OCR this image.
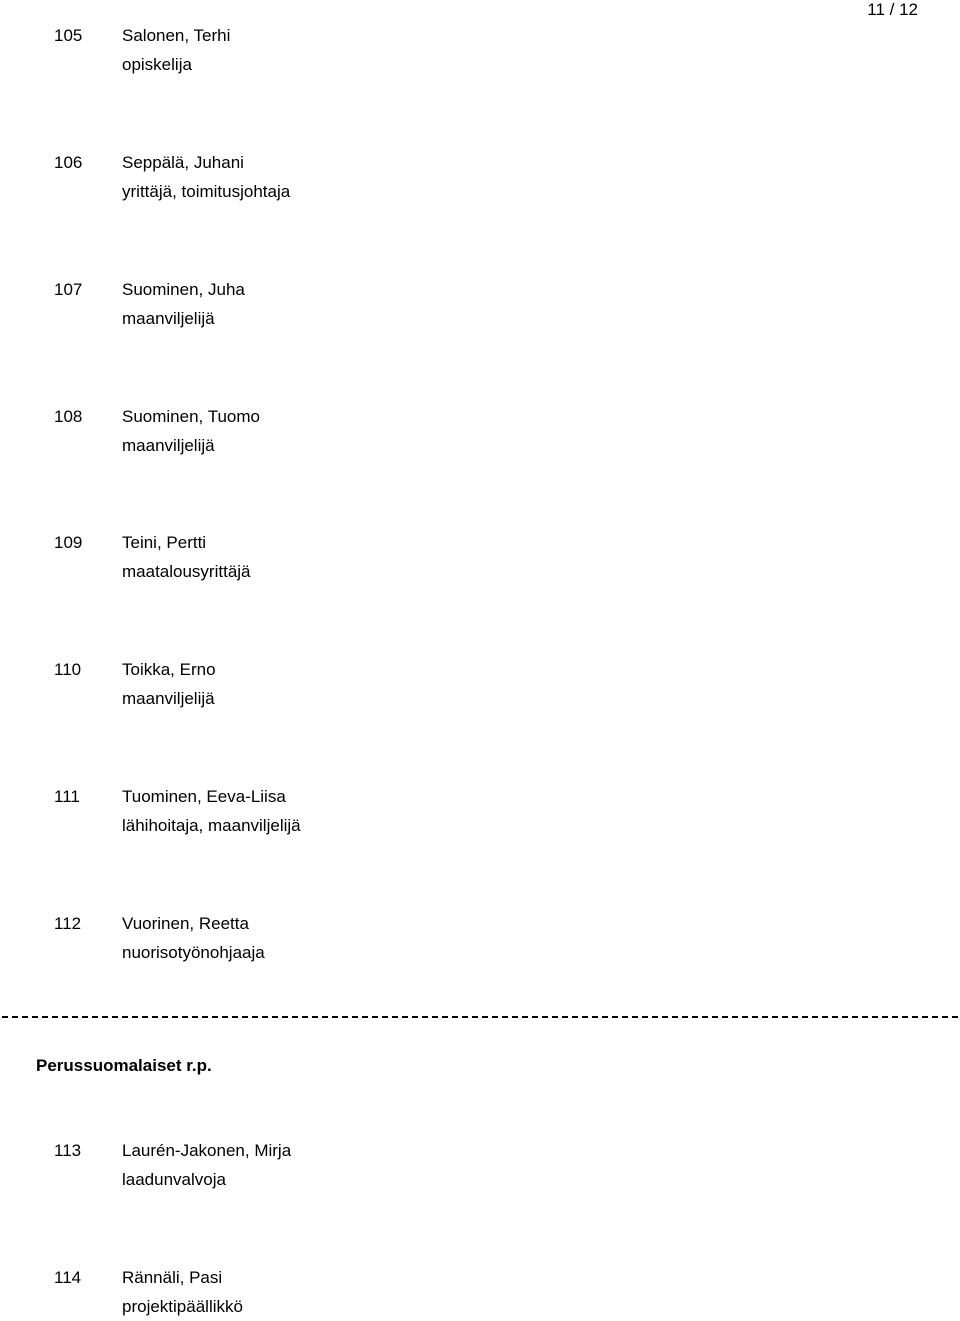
11 / 12
105	Salonen, Terhi
opiskelija
106	Seppälä, Juhani
yrittäjä, toimitusjohtaja
107	Suominen, Juha
maanviljelijä
108	Suominen, Tuomo
maanviljelijä
109	Teini, Pertti
maatalousyrittäjä
110	Toikka, Erno
maanviljelijä
111	Tuominen, Eeva-Liisa
lähihoitaja, maanviljelijä
112	Vuorinen, Reetta
nuorisotyönohjaaja
Perussuomalaiset r.p.
113	Laurén-Jakonen, Mirja
laadunvalvoja
114	Rännäli, Pasi
projektipäällikkö
